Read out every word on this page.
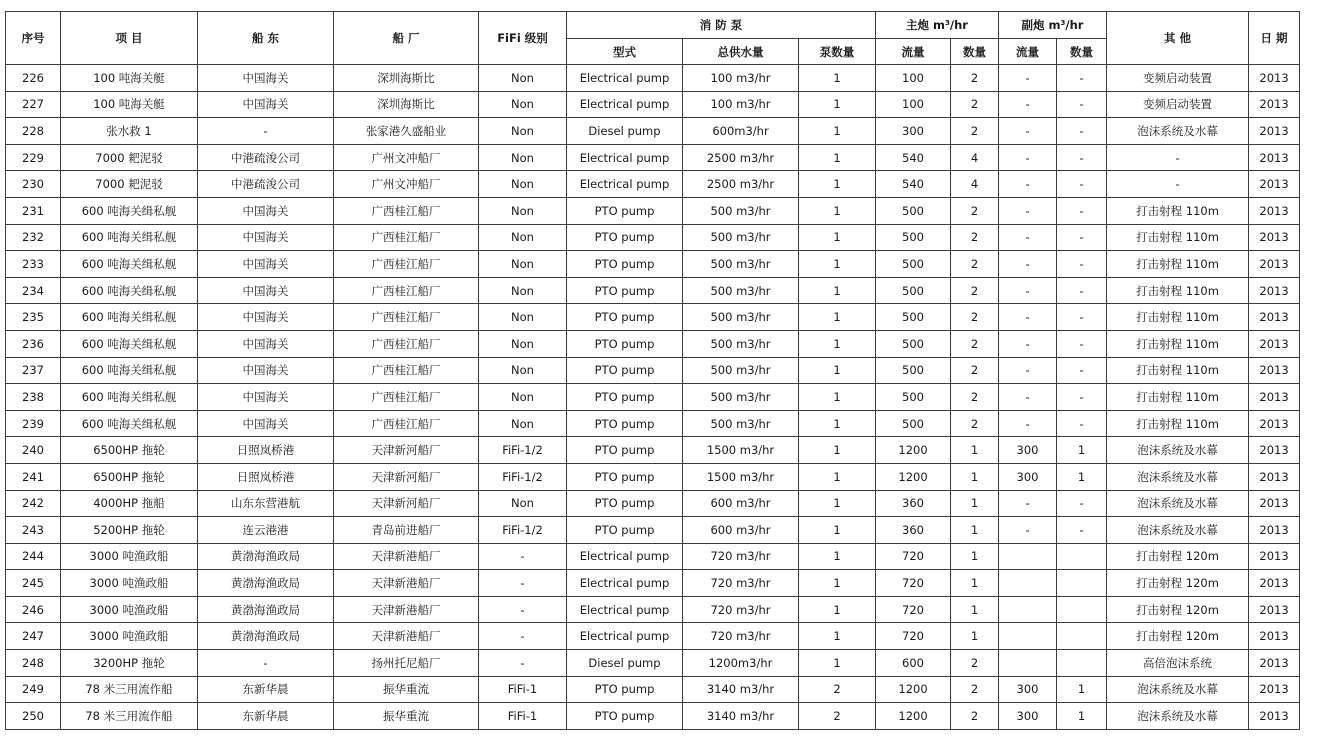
序号	项 目	船 东	船 厂	FiFi 级别	消 防 泵			主炮 $m^3/hr$		副炮 $m^3/hr$		其 他	日 期
					型式	总供水量	泵数量	流量	数量	流量	数量		
226	100 吨海关艇	中国海关	深圳海斯比	Non	Electrical pump	100 m3/hr	1	100	2	-	-	变频启动装置	2013
227	100 吨海关艇	中国海关	深圳海斯比	Non	Electrical pump	100 m3/hr	1	100	2	-	-	变频启动装置	2013
228	张水救 1	-	张家港久盛船业	Non	Diesel pump	600m3/hr	1	300	2	-	-	泡沫系统及水幕	2013
229	7000 耙泥驳	中港疏浚公司	广州文冲船厂	Non	Electrical pump	2500 m3/hr	1	540	4	-	-	-	2013
230	7000 耙泥驳	中港疏浚公司	广州文冲船厂	Non	Electrical pump	2500 m3/hr	1	540	4	-	-	-	2013
231	600 吨海关缉私舰	中国海关	广西桂江船厂	Non	PTO pump	500 m3/hr	1	500	2	-	-	打击射程 110m	2013
232	600 吨海关缉私舰	中国海关	广西桂江船厂	Non	PTO pump	500 m3/hr	1	500	2	-	-	打击射程 110m	2013
233	600 吨海关缉私舰	中国海关	广西桂江船厂	Non	PTO pump	500 m3/hr	1	500	2	-	-	打击射程 110m	2013
234	600 吨海关缉私舰	中国海关	广西桂江船厂	Non	PTO pump	500 m3/hr	1	500	2	-	-	打击射程 110m	2013
235	600 吨海关缉私舰	中国海关	广西桂江船厂	Non	PTO pump	500 m3/hr	1	500	2	-	-	打击射程 110m	2013
236	600 吨海关缉私舰	中国海关	广西桂江船厂	Non	PTO pump	500 m3/hr	1	500	2	-	-	打击射程 110m	2013
237	600 吨海关缉私舰	中国海关	广西桂江船厂	Non	PTO pump	500 m3/hr	1	500	2	-	-	打击射程 110m	2013
238	600 吨海关缉私舰	中国海关	广西桂江船厂	Non	PTO pump	500 m3/hr	1	500	2	-	-	打击射程 110m	2013
239	600 吨海关缉私舰	中国海关	广西桂江船厂	Non	PTO pump	500 m3/hr	1	500	2	-	-	打击射程 110m	2013
240	6500HP 拖轮	日照岚桥港	天津新河船厂	FiFi-1/2	PTO pump	1500 m3/hr	1	1200	1	300	1	泡沫系统及水幕	2013
241	6500HP 拖轮	日照岚桥港	天津新河船厂	FiFi-1/2	PTO pump	1500 m3/hr	1	1200	1	300	1	泡沫系统及水幕	2013
242	4000HP 拖船	山东东营港航	天津新河船厂	Non	PTO pump	600 m3/hr	1	360	1	-	-	泡沫系统及水幕	2013
243	5200HP 拖轮	连云港港	青岛前进船厂	FiFi-1/2	PTO pump	600 m3/hr	1	360	1	-	-	泡沫系统及水幕	2013
244	3000 吨渔政船	黄渤海渔政局	天津新港船厂	-	Electrical pump	720 m3/hr	1	720	1			打击射程 120m	2013
245	3000 吨渔政船	黄渤海渔政局	天津新港船厂	-	Electrical pump	720 m3/hr	1	720	1			打击射程 120m	2013
246	3000 吨渔政船	黄渤海渔政局	天津新港船厂	-	Electrical pump	720 m3/hr	1	720	1			打击射程 120m	2013
247	3000 吨渔政船	黄渤海渔政局	天津新港船厂	-	Electrical pump	720 m3/hr	1	720	1			打击射程 120m	2013
248	3200HP 拖轮	-	扬州托尼船厂	-	Diesel pump	1200m3/hr	1	600	2			高倍泡沫系统	2013
249	78 米三用流作船	东新华晨	振华重流	FiFi-1	PTO pump	3140 m3/hr	2	1200	2	300	1	泡沫系统及水幕	2013
250	78 米三用流作船	东新华晨	振华重流	FiFi-1	PTO pump	3140 m3/hr	2	1200	2	300	1	泡沫系统及水幕	2013
